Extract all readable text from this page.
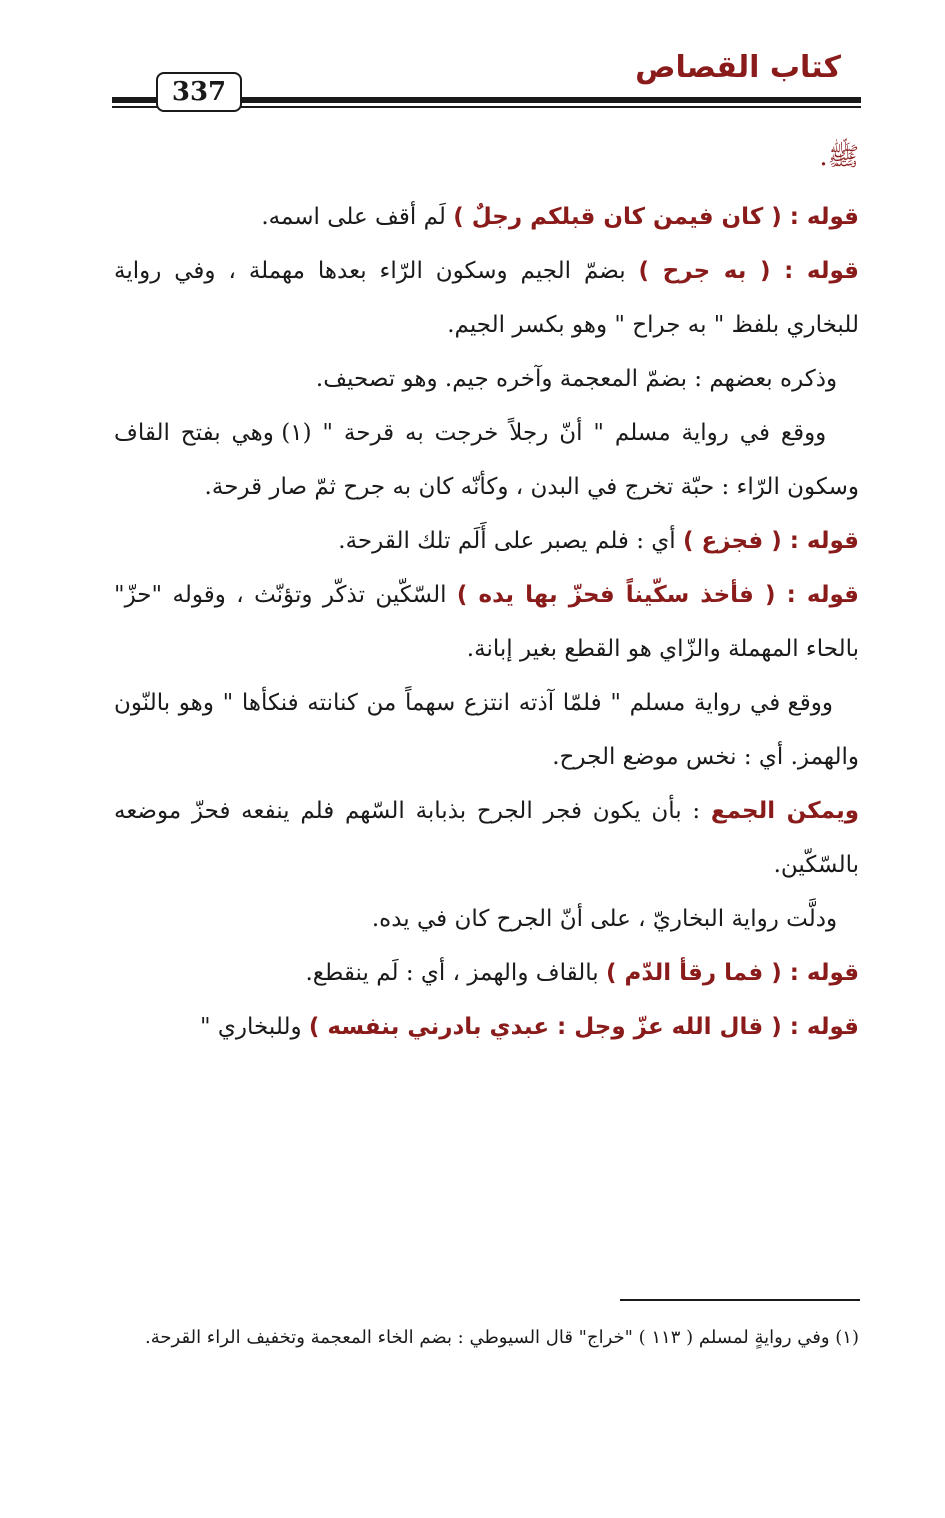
كتاب القصاص
337
ﷺ.

قوله : ( كان فيمن كان قبلكم رجلٌ ) لَم أقف على اسمه.

قوله : ( به جرح ) بضمّ الجيم وسكون الرّاء بعدها مهملة ، وفي رواية للبخاري بلفظ " به جراح " وهو بكسر الجيم.

وذكره بعضهم : بضمّ المعجمة وآخره جيم. وهو تصحيف.

ووقع في رواية مسلم " أنّ رجلاً خرجت به قرحة " (١) وهي بفتح القاف وسكون الرّاء : حبّة تخرج في البدن ، وكأنّه كان به جرح ثمّ صار قرحة.

قوله : ( فجزع ) أي : فلم يصبر على أَلَم تلك القرحة.

قوله : ( فأخذ سكّيناً فحزّ بها يده ) السّكّين تذكّر وتؤنّث ، وقوله "حزّ" بالحاء المهملة والزّاي هو القطع بغير إبانة.

ووقع في رواية مسلم " فلمّا آذته انتزع سهماً من كنانته فنكأها " وهو بالنّون والهمز. أي : نخس موضع الجرح.

ويمكن الجمع : بأن يكون فجر الجرح بذبابة السّهم فلم ينفعه فحزّ موضعه بالسّكّين.

ودلَّت رواية البخاريّ ، على أنّ الجرح كان في يده.

قوله : ( فما رقأ الدّم ) بالقاف والهمز ، أي : لَم ينقطع.

قوله : ( قال الله عزّ وجل : عبدي بادرني بنفسه ) وللبخاري "

(١) وفي روايةٍ لمسلم ( ١١٣ ) "خراج" قال السيوطي : بضم الخاء المعجمة وتخفيف الراء القرحة.
